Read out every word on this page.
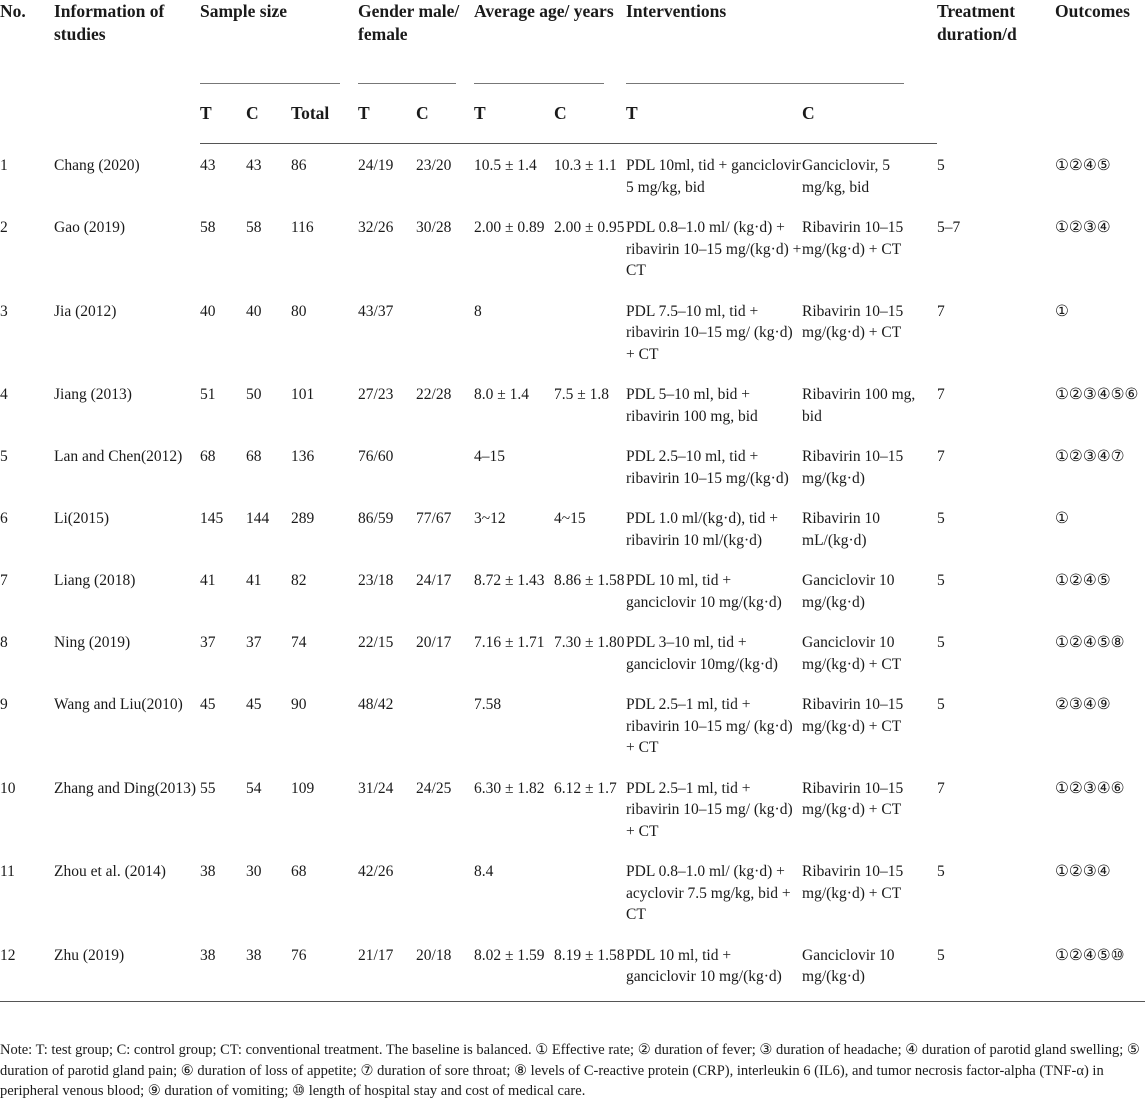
No.	Information of studies	Sample size			Gender male/ female		Average age/ years		Interventions		Treatment duration/d	Outcomes
		T	C	Total	T	C	T	C	T	C		
1	Chang (2020)	43	43	86	24/19	23/20	10.5 ± 1.4	10.3 ± 1.1	PDL 10ml, tid + ganciclovir 5 mg/kg, bid	Ganciclovir, 5 mg/kg, bid	5	①②④⑤
2	Gao (2019)	58	58	116	32/26	30/28	2.00 ± 0.89	2.00 ± 0.95	PDL 0.8–1.0 ml/ (kg·d) + ribavirin 10–15 mg/(kg·d) + CT	Ribavirin 10–15 mg/(kg·d) + CT	5–7	①②③④
3	Jia (2012)	40	40	80	43/37		8		PDL 7.5–10 ml, tid + ribavirin 10–15 mg/ (kg·d) + CT	Ribavirin 10–15 mg/(kg·d) + CT	7	①
4	Jiang (2013)	51	50	101	27/23	22/28	8.0 ± 1.4	7.5 ± 1.8	PDL 5–10 ml, bid + ribavirin 100 mg, bid	Ribavirin 100 mg, bid	7	①②③④⑤⑥
5	Lan and Chen(2012)	68	68	136	76/60		4–15		PDL 2.5–10 ml, tid + ribavirin 10–15 mg/(kg·d)	Ribavirin 10–15 mg/(kg·d)	7	①②③④⑦
6	Li(2015)	145	144	289	86/59	77/67	3~12	4~15	PDL 1.0 ml/(kg·d), tid + ribavirin 10 ml/(kg·d)	Ribavirin 10 mL/(kg·d)	5	①
7	Liang (2018)	41	41	82	23/18	24/17	8.72 ± 1.43	8.86 ± 1.58	PDL 10 ml, tid + ganciclovir 10 mg/(kg·d)	Ganciclovir 10 mg/(kg·d)	5	①②④⑤
8	Ning (2019)	37	37	74	22/15	20/17	7.16 ± 1.71	7.30 ± 1.80	PDL 3–10 ml, tid + ganciclovir 10mg/(kg·d)	Ganciclovir 10 mg/(kg·d) + CT	5	①②④⑤⑧
9	Wang and Liu(2010)	45	45	90	48/42		7.58		PDL 2.5–1 ml, tid + ribavirin 10–15 mg/ (kg·d) + CT	Ribavirin 10–15 mg/(kg·d) + CT	5	②③④⑨
10	Zhang and Ding(2013)	55	54	109	31/24	24/25	6.30 ± 1.82	6.12 ± 1.7	PDL 2.5–1 ml, tid + ribavirin 10–15 mg/ (kg·d) + CT	Ribavirin 10–15 mg/(kg·d) + CT	7	①②③④⑥
11	Zhou et al. (2014)	38	30	68	42/26		8.4		PDL 0.8–1.0 ml/ (kg·d) + acyclovir 7.5 mg/kg, bid + CT	Ribavirin 10–15 mg/(kg·d) + CT	5	①②③④
12	Zhu (2019)	38	38	76	21/17	20/18	8.02 ± 1.59	8.19 ± 1.58	PDL 10 ml, tid + ganciclovir 10 mg/(kg·d)	Ganciclovir 10 mg/(kg·d)	5	①②④⑤⑩
Note: T: test group; C: control group; CT: conventional treatment. The baseline is balanced. ① Effective rate; ② duration of fever; ③ duration of headache; ④ duration of parotid gland swelling; ⑤ duration of parotid gland pain; ⑥ duration of loss of appetite; ⑦ duration of sore throat; ⑧ levels of C-reactive protein (CRP), interleukin 6 (IL6), and tumor necrosis factor-alpha (TNF-α) in peripheral venous blood; ⑨ duration of vomiting; ⑩ length of hospital stay and cost of medical care.
